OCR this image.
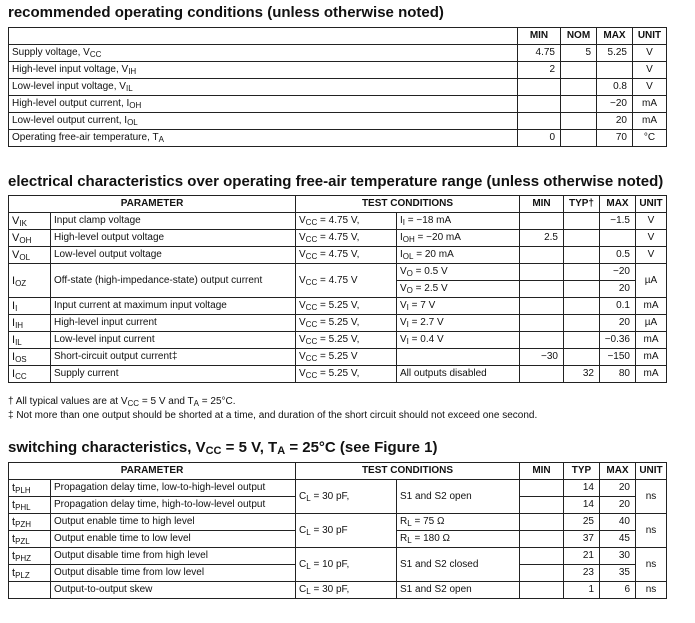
recommended operating conditions (unless otherwise noted)
	MIN	NOM	MAX	UNIT
Supply voltage, $V_{CC}$	4.75	5	5.25	V
High-level input voltage, $V_{IH}$	2			V
Low-level input voltage, $V_{IL}$			0.8	V
High-level output current, $I_{OH}$			−20	mA
Low-level output current, $I_{OL}$			20	mA
Operating free-air temperature, $T_A$	0		70	°C
electrical characteristics over operating free-air temperature range (unless otherwise noted)
PARAMETER		TEST CONDITIONS		MIN	TYP†	MAX	UNIT
$V_{IK}$	Input clamp voltage	$V_{CC} = 4.75$ V,	$I_I = -18$ mA			−1.5	V
$V_{OH}$	High-level output voltage	$V_{CC} = 4.75$ V,	$I_{OH} = -20$ mA	2.5			V
$V_{OL}$	Low-level output voltage	$V_{CC} = 4.75$ V,	$I_{OL} = 20$ mA			0.5	V
$I_{OZ}$	Off-state (high-impedance-state) output current	$V_{CC} = 4.75$ V	$V_O = 0.5$ V			−20	µA
			$V_O = 2.5$ V			20	
$I_I$	Input current at maximum input voltage	$V_{CC} = 5.25$ V,	$V_I = 7$ V			0.1	mA
$I_{IH}$	High-level input current	$V_{CC} = 5.25$ V,	$V_I = 2.7$ V			20	µA
$I_{IL}$	Low-level input current	$V_{CC} = 5.25$ V,	$V_I = 0.4$ V			−0.36	mA
$I_{OS}$	Short-circuit output current‡	$V_{CC} = 5.25$ V		−30		−150	mA
$I_{CC}$	Supply current	$V_{CC} = 5.25$ V,	All outputs disabled		32	80	mA
† All typical values are at $V_{CC} = 5$ V and $T_A = 25^\circ C$.
‡ Not more than one output should be shorted at a time, and duration of the short circuit should not exceed one second.
switching characteristics, $V_{CC} = 5$ V, $T_A = 25^\circ C$ (see Figure 1)
PARAMETER		TEST CONDITIONS		MIN	TYP	MAX	UNIT
$t_{PLH}$	Propagation delay time, low-to-high-level output	$C_L = 30$ pF,	S1 and S2 open		14	20	ns
$t_{PHL}$	Propagation delay time, high-to-low-level output				14	20	
$t_{PZH}$	Output enable time to high level	$C_L = 30$ pF	$R_L = 75$ Ω		25	40	ns
$t_{PZL}$	Output enable time to low level		$R_L = 180$ Ω		37	45	
$t_{PHZ}$	Output disable time from high level	$C_L = 10$ pF,	S1 and S2 closed		21	30	ns
$t_{PLZ}$	Output disable time from low level				23	35	
	Output-to-output skew	$C_L = 30$ pF,	S1 and S2 open		1	6	ns
